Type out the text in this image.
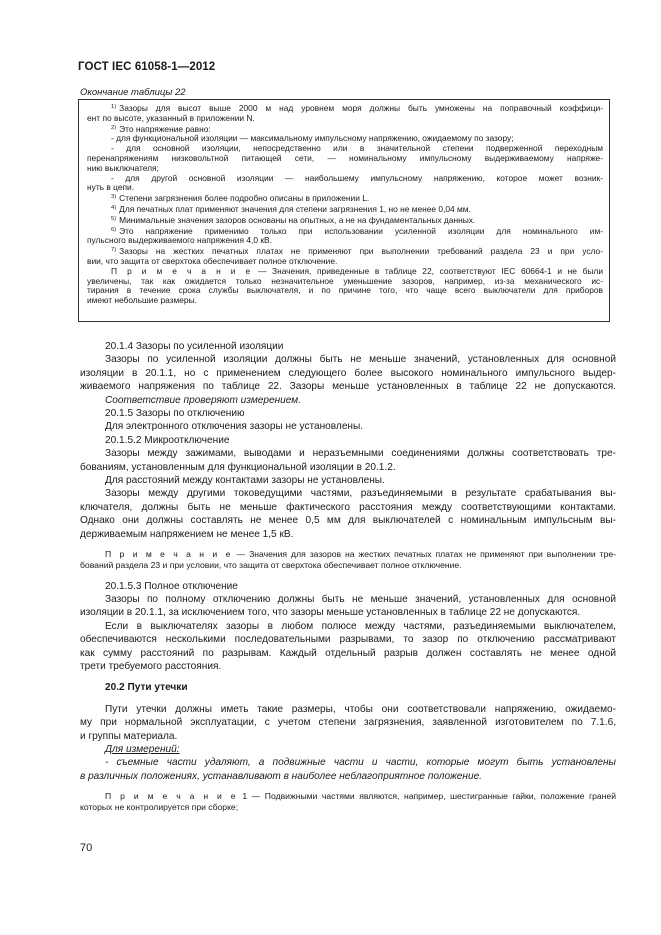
ГОСТ IEC 61058-1—2012
Окончание таблицы 22
$^{1)}$ Зазоры для высот выше 2000 м над уровнем моря должны быть умножены на поправочный коэффици-
ент по высоте, указанный в приложении N.
$^{2)}$ Это напряжение равно:
- для функциональной изоляции — максимальному импульсному напряжению, ожидаемому по зазору;
- для основной изоляции, непосредственно или в значительной степени подверженной переходным
перенапряжениям низковольтной питающей сети, — номинальному импульсному выдерживаемому напряже-
нию выключателя;
- для другой основной изоляции — наибольшему импульсному напряжению, которое может возник-
нуть в цепи.
$^{3)}$ Степени загрязнения более подробно описаны в приложении L.
$^{4)}$ Для печатных плат применяют значения для степени загрязнения 1, но не менее 0,04 мм.
$^{5)}$ Минимальные значения зазоров основаны на опытных, а не на фундаментальных данных.
$^{6)}$ Это напряжение применимо только при использовании усиленной изоляции для номинального им-
пульсного выдерживаемого напряжения 4,0 кВ.
$^{7)}$ Зазоры на жестких печатных платах не применяют при выполнении требований раздела 23 и при усло-
вии, что защита от сверхтока обеспечивает полное отключение.
П р и м е ч а н и е — Значения, приведенные в таблице 22, соответствуют IEC 60664-1 и не были
увеличены, так как ожидается только незначительное уменьшение зазоров, например, из-за механического ис-
тирания в течение срока службы выключателя, и по причине того, что чаще всего выключатели для приборов
имеют небольшие размеры.
20.1.4 Зазоры по усиленной изоляции
Зазоры по усиленной изоляции должны быть не меньше значений, установленных для основной
изоляции в 20.1.1, но с применением следующего более высокого номинального импульсного выдер-
живаемого напряжения по таблице 22. Зазоры меньше установленных в таблице 22 не допускаются.
Соответствие проверяют измерением.
20.1.5 Зазоры по отключению
Для электронного отключения зазоры не установлены.
20.1.5.2 Микроотключение
Зазоры между зажимами, выводами и неразъемными соединениями должны соответствовать тре-
бованиям, установленным для функциональной изоляции в 20.1.2.
Для расстояний между контактами зазоры не установлены.
Зазоры между другими токоведущими частями, разъединяемыми в результате срабатывания вы-
ключателя, должны быть не меньше фактического расстояния между соответствующими контактами.
Однако они должны составлять не менее 0,5 мм для выключателей с номинальным импульсным вы-
держиваемым напряжением не менее 1,5 кВ.
П р и м е ч а н и е — Значения для зазоров на жестких печатных платах не применяют при выполнении тре-
бований раздела 23 и при условии, что защита от сверхтока обеспечивает полное отключение.
20.1.5.3 Полное отключение
Зазоры по полному отключению должны быть не меньше значений, установленных для основной
изоляции в 20.1.1, за исключением того, что зазоры меньше установленных в таблице 22 не допускаются.
Если в выключателях зазоры в любом полюсе между частями, разъединяемыми выключателем,
обеспечиваются несколькими последовательными разрывами, то зазор по отключению рассматривают
как сумму расстояний по разрывам. Каждый отдельный разрыв должен составлять не менее одной
трети требуемого расстояния.
20.2 Пути утечки
Пути утечки должны иметь такие размеры, чтобы они соответствовали напряжению, ожидаемо-
му при нормальной эксплуатации, с учетом степени загрязнения, заявленной изготовителем по 7.1.6,
и группы материала.
Для измерений:
- съемные части удаляют, а подвижные части и части, которые могут быть установлены
в различных положениях, устанавливают в наиболее неблагоприятное положение.
П р и м е ч а н и е 1 — Подвижными частями являются, например, шестигранные гайки, положение граней
которых не контролируется при сборке;
70
